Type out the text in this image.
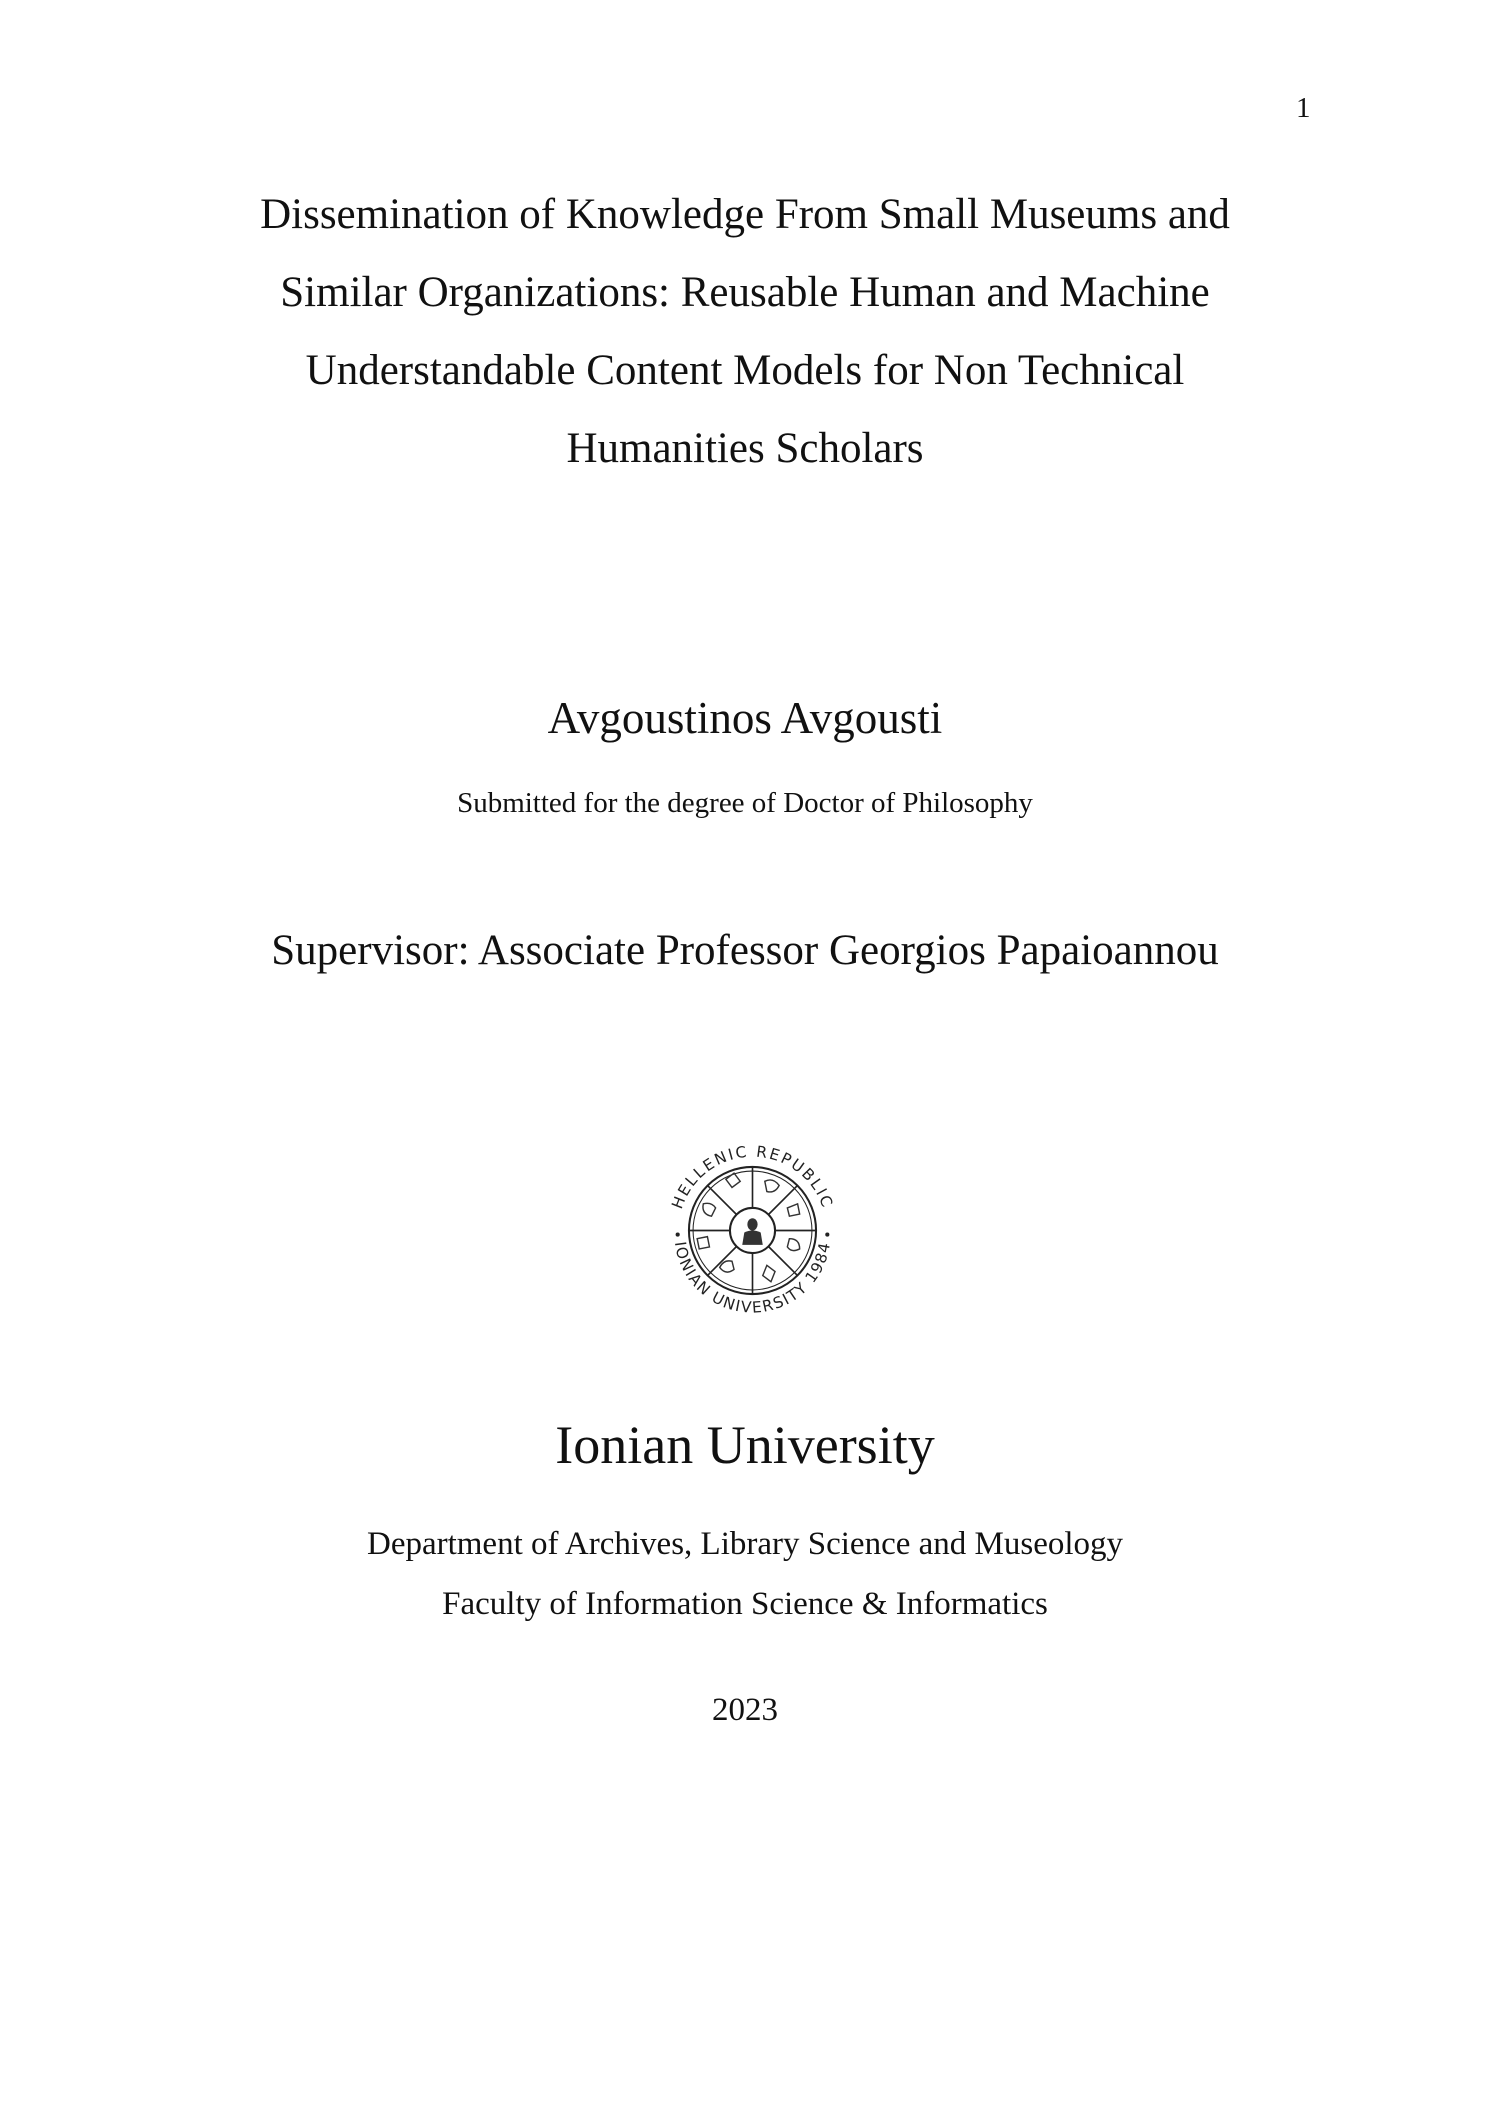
1
Dissemination of Knowledge From Small Museums and
Similar Organizations: Reusable Human and Machine
Understandable Content Models for Non Technical
Humanities Scholars
Avgoustinos Avgousti
Submitted for the degree of Doctor of Philosophy
Supervisor: Associate Professor Georgios Papaioannou
HELLENIC REPUBLIC
IONIAN UNIVERSITY 1984
Ionian University
Department of Archives, Library Science and Museology
Faculty of Information Science & Informatics
2023
